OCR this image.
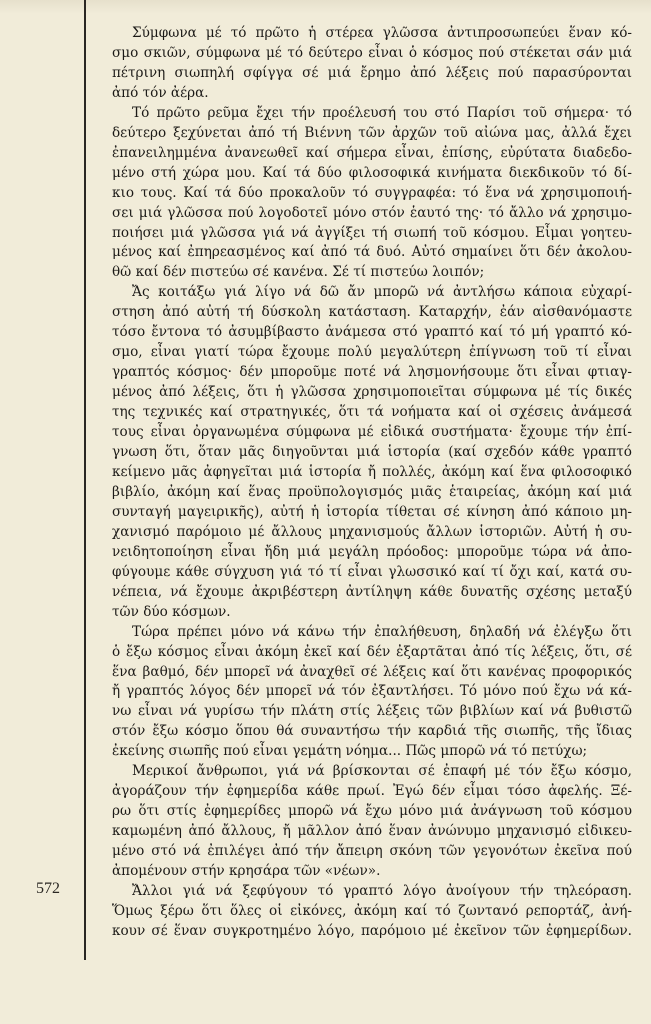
Σύμφωνα μέ τό πρῶτο ἡ στέρεα γλῶσσα ἀντιπροσωπεύει ἕναν κό-
σμο σκιῶν, σύμφωνα μέ τό δεύτερο εἶναι ὁ κόσμος πού στέκεται σάν μιά
πέτρινη σιωπηλή σφίγγα σέ μιά ἔρημο ἀπό λέξεις πού παρασύρονται
ἀπό τόν ἀέρα.

Τό πρῶτο ρεῦμα ἔχει τήν προέλευσή του στό Παρίσι τοῦ σήμερα· τό
δεύτερο ξεχύνεται ἀπό τή Βιέννη τῶν ἀρχῶν τοῦ αἰώνα μας, ἀλλά ἔχει
ἐπανειλημμένα ἀνανεωθεῖ καί σήμερα εἶναι, ἐπίσης, εὐρύτατα διαδεδο-
μένο στή χώρα μου. Καί τά δύο φιλοσοφικά κινήματα διεκδικοῦν τό δί-
κιο τους. Καί τά δύο προκαλοῦν τό συγγραφέα: τό ἕνα νά χρησιμοποιή-
σει μιά γλῶσσα πού λογοδοτεῖ μόνο στόν ἑαυτό της· τό ἄλλο νά χρησιμο-
ποιήσει μιά γλῶσσα γιά νά ἀγγίξει τή σιωπή τοῦ κόσμου. Εἶμαι γοητευ-
μένος καί ἐπηρεασμένος καί ἀπό τά δυό. Αὐτό σημαίνει ὅτι δέν ἀκολου-
θῶ καί δέν πιστεύω σέ κανένα. Σέ τί πιστεύω λοιπόν;

Ἄς κοιτάξω γιά λίγο νά δῶ ἄν μπορῶ νά ἀντλήσω κάποια εὐχαρί-
στηση ἀπό αὐτή τή δύσκολη κατάσταση. Καταρχήν, ἐάν αἰσθανόμαστε
τόσο ἔντονα τό ἀσυμβίβαστο ἀνάμεσα στό γραπτό καί τό μή γραπτό κό-
σμο, εἶναι γιατί τώρα ἔχουμε πολύ μεγαλύτερη ἐπίγνωση τοῦ τί εἶναι
γραπτός κόσμος· δέν μποροῦμε ποτέ νά λησμονήσουμε ὅτι εἶναι φτιαγ-
μένος ἀπό λέξεις, ὅτι ἡ γλῶσσα χρησιμοποιεῖται σύμφωνα μέ τίς δικές
της τεχνικές καί στρατηγικές, ὅτι τά νοήματα καί οἱ σχέσεις ἀνάμεσά
τους εἶναι ὀργανωμένα σύμφωνα μέ εἰδικά συστήματα· ἔχουμε τήν ἐπί-
γνωση ὅτι, ὅταν μᾶς διηγοῦνται μιά ἱστορία (καί σχεδόν κάθε γραπτό
κείμενο μᾶς ἀφηγεῖται μιά ἱστορία ἤ πολλές, ἀκόμη καί ἕνα φιλοσοφικό
βιβλίο, ἀκόμη καί ἕνας προϋπολογισμός μιᾶς ἑταιρείας, ἀκόμη καί μιά
συνταγή μαγειρικῆς), αὐτή ἡ ἱστορία τίθεται σέ κίνηση ἀπό κάποιο μη-
χανισμό παρόμοιο μέ ἄλλους μηχανισμούς ἄλλων ἱστοριῶν. Αὐτή ἡ συ-
νειδητοποίηση εἶναι ἤδη μιά μεγάλη πρόοδος: μποροῦμε τώρα νά ἀπο-
φύγουμε κάθε σύγχυση γιά τό τί εἶναι γλωσσικό καί τί ὄχι καί, κατά συ-
νέπεια, νά ἔχουμε ἀκριβέστερη ἀντίληψη κάθε δυνατῆς σχέσης μεταξύ
τῶν δύο κόσμων.

Τώρα πρέπει μόνο νά κάνω τήν ἐπαλήθευση, δηλαδή νά ἐλέγξω ὅτι
ὁ ἔξω κόσμος εἶναι ἀκόμη ἐκεῖ καί δέν ἐξαρτᾶται ἀπό τίς λέξεις, ὅτι, σέ
ἕνα βαθμό, δέν μπορεῖ νά ἀναχθεῖ σέ λέξεις καί ὅτι κανένας προφορικός
ἤ γραπτός λόγος δέν μπορεῖ νά τόν ἐξαντλήσει. Τό μόνο πού ἔχω νά κά-
νω εἶναι νά γυρίσω τήν πλάτη στίς λέξεις τῶν βιβλίων καί νά βυθιστῶ
στόν ἔξω κόσμο ὅπου θά συναντήσω τήν καρδιά τῆς σιωπῆς, τῆς ἴδιας
ἐκείνης σιωπῆς πού εἶναι γεμάτη νόημα... Πῶς μπορῶ νά τό πετύχω;

Μερικοί ἄνθρωποι, γιά νά βρίσκονται σέ ἐπαφή μέ τόν ἔξω κόσμο,
ἀγοράζουν τήν ἐφημερίδα κάθε πρωί. Ἐγώ δέν εἶμαι τόσο ἀφελής. Ξέ-
ρω ὅτι στίς ἐφημερίδες μπορῶ νά ἔχω μόνο μιά ἀνάγνωση τοῦ κόσμου
καμωμένη ἀπό ἄλλους, ἤ μᾶλλον ἀπό ἕναν ἀνώνυμο μηχανισμό εἰδικευ-
μένο στό νά ἐπιλέγει ἀπό τήν ἄπειρη σκόνη τῶν γεγονότων ἐκεῖνα πού
ἀπομένουν στήν κρησάρα τῶν «νέων».

Ἄλλοι γιά νά ξεφύγουν τό γραπτό λόγο ἀνοίγουν τήν τηλεόραση.
Ὅμως ξέρω ὅτι ὅλες οἱ εἰκόνες, ἀκόμη καί τό ζωντανό ρεπορτάζ, ἀνή-
κουν σέ ἕναν συγκροτημένο λόγο, παρόμοιο μέ ἐκεῖνον τῶν ἐφημερίδων.

572
